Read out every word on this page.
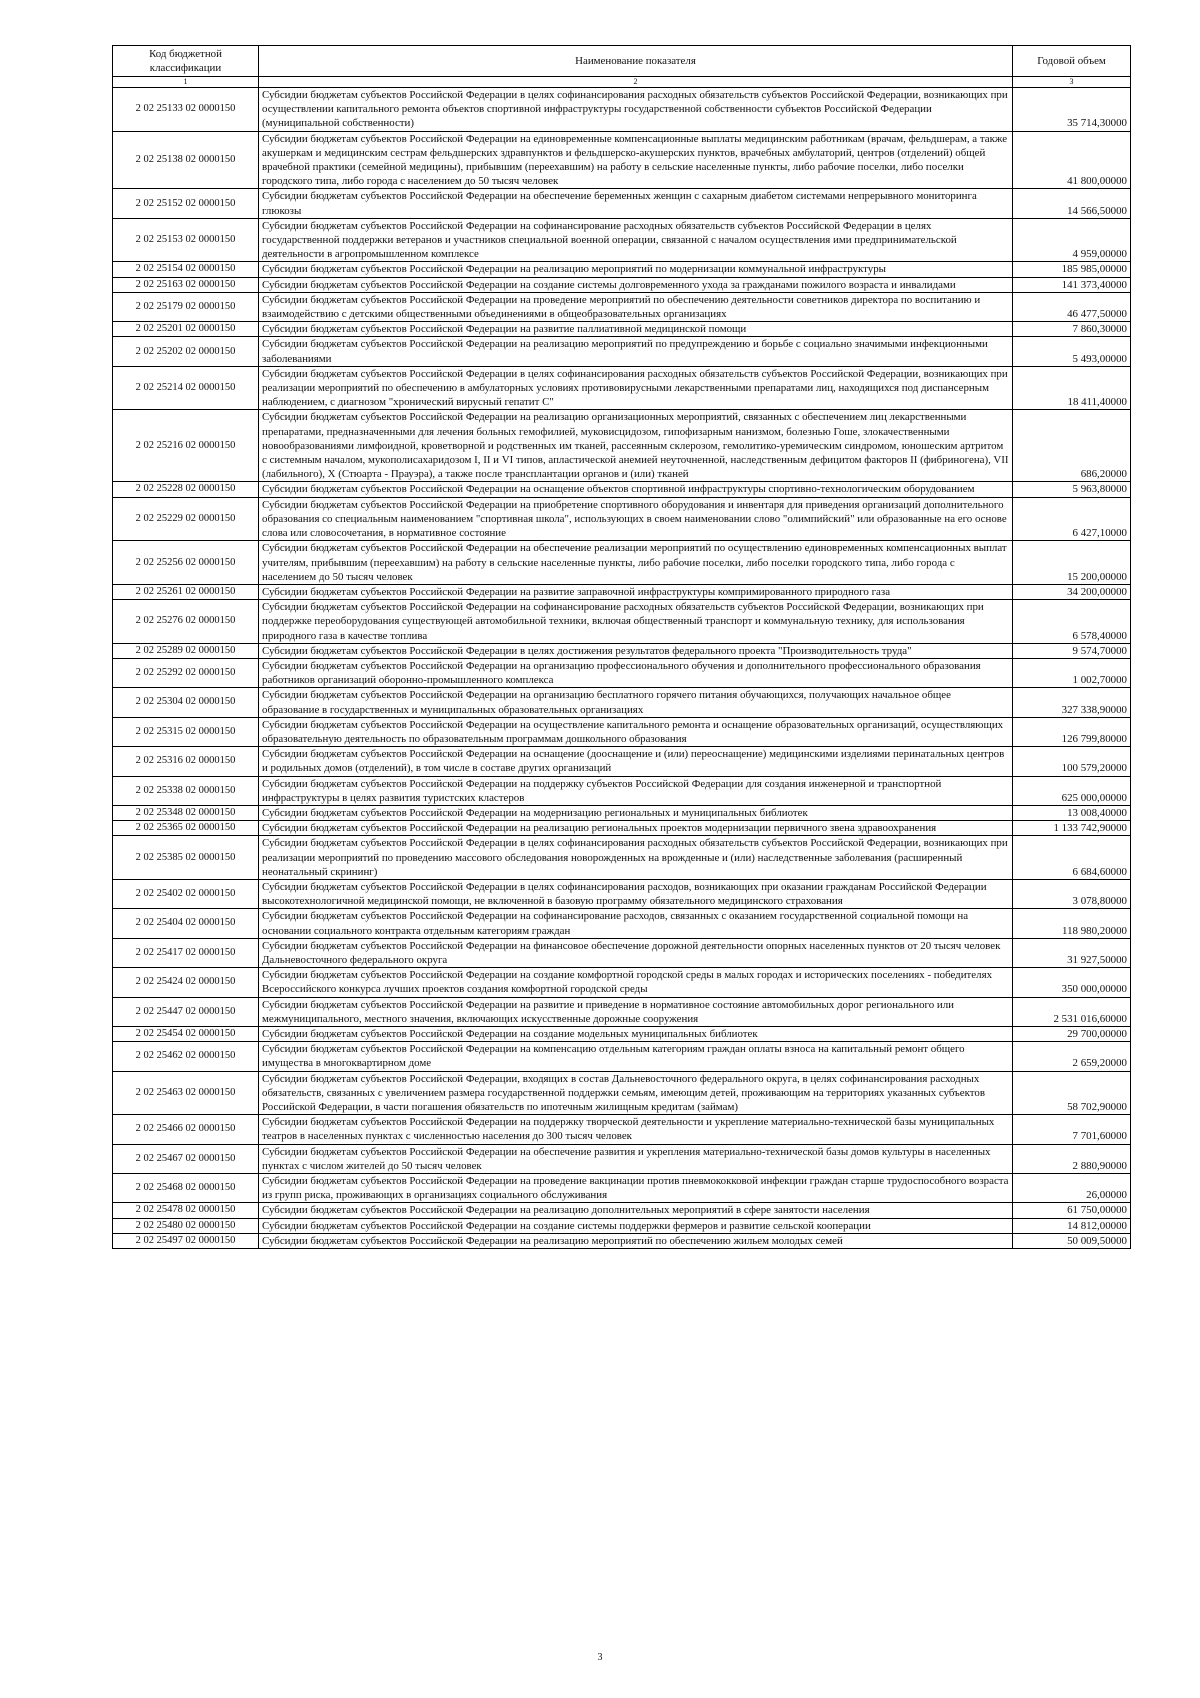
Код бюджетной классификации	Наименование показателя	Годовой объем
1	2	3
2 02 25133 02 0000150	Субсидии бюджетам субъектов Российской Федерации в целях софинансирования расходных обязательств субъектов Российской Федерации, возникающих при осуществлении капитального ремонта объектов спортивной инфраструктуры государственной собственности субъектов Российской Федерации (муниципальной собственности)	35 714,30000
2 02 25138 02 0000150	Субсидии бюджетам субъектов Российской Федерации на единовременные компенсационные выплаты медицинским работникам (врачам, фельдшерам, а также акушеркам и медицинским сестрам фельдшерских здравпунктов и фельдшерско-акушерских пунктов, врачебных амбулаторий, центров (отделений) общей врачебной практики (семейной медицины), прибывшим (переехавшим) на работу в сельские населенные пункты, либо рабочие поселки, либо поселки городского типа, либо города с населением до 50 тысяч человек	41 800,00000
2 02 25152 02 0000150	Субсидии бюджетам субъектов Российской Федерации на обеспечение беременных женщин с сахарным диабетом системами непрерывного мониторинга глюкозы	14 566,50000
2 02 25153 02 0000150	Субсидии бюджетам субъектов Российской Федерации на софинансирование расходных обязательств субъектов Российской Федерации в целях государственной поддержки ветеранов и участников специальной военной операции, связанной с началом осуществления ими предпринимательской деятельности в агропромышленном комплексе	4 959,00000
2 02 25154 02 0000150	Субсидии бюджетам субъектов Российской Федерации на реализацию мероприятий по модернизации коммунальной инфраструктуры	185 985,00000
2 02 25163 02 0000150	Субсидии бюджетам субъектов Российской Федерации на создание системы долговременного ухода за гражданами пожилого возраста и инвалидами	141 373,40000
2 02 25179 02 0000150	Субсидии бюджетам субъектов Российской Федерации на проведение мероприятий по обеспечению деятельности советников директора по воспитанию и взаимодействию с детскими общественными объединениями в общеобразовательных организациях	46 477,50000
2 02 25201 02 0000150	Субсидии бюджетам субъектов Российской Федерации на развитие паллиативной медицинской помощи	7 860,30000
2 02 25202 02 0000150	Субсидии бюджетам субъектов Российской Федерации на реализацию мероприятий по предупреждению и борьбе с социально значимыми инфекционными заболеваниями	5 493,00000
2 02 25214 02 0000150	Субсидии бюджетам субъектов Российской Федерации в целях софинансирования расходных обязательств субъектов Российской Федерации, возникающих при реализации мероприятий по обеспечению в амбулаторных условиях противовирусными лекарственными препаратами лиц, находящихся под диспансерным наблюдением, с диагнозом "хронический вирусный гепатит С"	18 411,40000
2 02 25216 02 0000150	Субсидии бюджетам субъектов Российской Федерации на реализацию организационных мероприятий, связанных с обеспечением лиц лекарственными препаратами, предназначенными для лечения больных гемофилией, муковисцидозом, гипофизарным нанизмом, болезнью Гоше, злокачественными новообразованиями лимфоидной, кроветворной и родственных им тканей, рассеянным склерозом, гемолитико-уремическим синдромом, юношеским артритом с системным началом, мукополисахаридозом I, II и VI типов, апластической анемией неуточненной, наследственным дефицитом факторов II (фибриногена), VII (лабильного), X (Стюарта - Прауэра), а также после трансплантации органов и (или) тканей	686,20000
2 02 25228 02 0000150	Субсидии бюджетам субъектов Российской Федерации на оснащение объектов спортивной инфраструктуры спортивно-технологическим оборудованием	5 963,80000
2 02 25229 02 0000150	Субсидии бюджетам субъектов Российской Федерации на приобретение спортивного оборудования и инвентаря для приведения организаций дополнительного образования со специальным наименованием "спортивная школа", использующих в своем наименовании слово "олимпийский" или образованные на его основе слова или словосочетания, в нормативное состояние	6 427,10000
2 02 25256 02 0000150	Субсидии бюджетам субъектов Российской Федерации на обеспечение реализации мероприятий по осуществлению единовременных компенсационных выплат учителям, прибывшим (переехавшим) на работу в сельские населенные пункты, либо рабочие поселки, либо поселки городского типа, либо города с населением до 50 тысяч человек	15 200,00000
2 02 25261 02 0000150	Субсидии бюджетам субъектов Российской Федерации на развитие заправочной инфраструктуры компримированного природного газа	34 200,00000
2 02 25276 02 0000150	Субсидии бюджетам субъектов Российской Федерации на софинансирование расходных обязательств субъектов Российской Федерации, возникающих при поддержке переоборудования существующей автомобильной техники, включая общественный транспорт и коммунальную технику, для использования природного газа в качестве топлива	6 578,40000
2 02 25289 02 0000150	Субсидии бюджетам субъектов Российской Федерации в целях достижения результатов федерального проекта "Производительность труда"	9 574,70000
2 02 25292 02 0000150	Субсидии бюджетам субъектов Российской Федерации на организацию профессионального обучения и дополнительного профессионального образования работников организаций оборонно-промышленного комплекса	1 002,70000
2 02 25304 02 0000150	Субсидии бюджетам субъектов Российской Федерации на организацию бесплатного горячего питания обучающихся, получающих начальное общее образование в государственных и муниципальных образовательных организациях	327 338,90000
2 02 25315 02 0000150	Субсидии бюджетам субъектов Российской Федерации на осуществление капитального ремонта и оснащение образовательных организаций, осуществляющих образовательную деятельность по образовательным программам дошкольного образования	126 799,80000
2 02 25316 02 0000150	Субсидии бюджетам субъектов Российской Федерации на оснащение (дооснащение и (или) переоснащение) медицинскими изделиями перинатальных центров и родильных домов (отделений), в том числе в составе других организаций	100 579,20000
2 02 25338 02 0000150	Субсидии бюджетам субъектов Российской Федерации на поддержку субъектов Российской Федерации для создания инженерной и транспортной инфраструктуры в целях развития туристских кластеров	625 000,00000
2 02 25348 02 0000150	Субсидии бюджетам субъектов Российской Федерации на модернизацию региональных и муниципальных библиотек	13 008,40000
2 02 25365 02 0000150	Субсидии бюджетам субъектов Российской Федерации на реализацию региональных проектов модернизации первичного звена здравоохранения	1 133 742,90000
2 02 25385 02 0000150	Субсидии бюджетам субъектов Российской Федерации в целях софинансирования расходных обязательств субъектов Российской Федерации, возникающих при реализации мероприятий по проведению массового обследования новорожденных на врожденные и (или) наследственные заболевания (расширенный неонатальный скрининг)	6 684,60000
2 02 25402 02 0000150	Субсидии бюджетам субъектов Российской Федерации в целях софинансирования расходов, возникающих при оказании гражданам Российской Федерации высокотехнологичной медицинской помощи, не включенной в базовую программу обязательного медицинского страхования	3 078,80000
2 02 25404 02 0000150	Субсидии бюджетам субъектов Российской Федерации на софинансирование расходов, связанных с оказанием государственной социальной помощи на основании социального контракта отдельным категориям граждан	118 980,20000
2 02 25417 02 0000150	Субсидии бюджетам субъектов Российской Федерации на финансовое обеспечение дорожной деятельности опорных населенных пунктов от 20 тысяч человек Дальневосточного федерального округа	31 927,50000
2 02 25424 02 0000150	Субсидии бюджетам субъектов Российской Федерации на создание комфортной городской среды в малых городах и исторических поселениях - победителях Всероссийского конкурса лучших проектов создания комфортной городской среды	350 000,00000
2 02 25447 02 0000150	Субсидии бюджетам субъектов Российской Федерации на развитие и приведение в нормативное состояние автомобильных дорог регионального или межмуниципального, местного значения, включающих искусственные дорожные сооружения	2 531 016,60000
2 02 25454 02 0000150	Субсидии бюджетам субъектов Российской Федерации на создание модельных муниципальных библиотек	29 700,00000
2 02 25462 02 0000150	Субсидии бюджетам субъектов Российской Федерации на компенсацию отдельным категориям граждан оплаты взноса на капитальный ремонт общего имущества в многоквартирном доме	2 659,20000
2 02 25463 02 0000150	Субсидии бюджетам субъектов Российской Федерации, входящих в состав Дальневосточного федерального округа, в целях софинансирования расходных обязательств, связанных с увеличением размера государственной поддержки семьям, имеющим детей, проживающим на территориях указанных субъектов Российской Федерации, в части погашения обязательств по ипотечным жилищным кредитам (займам)	58 702,90000
2 02 25466 02 0000150	Субсидии бюджетам субъектов Российской Федерации на поддержку творческой деятельности и укрепление материально-технической базы муниципальных театров в населенных пунктах с численностью населения до 300 тысяч человек	7 701,60000
2 02 25467 02 0000150	Субсидии бюджетам субъектов Российской Федерации на обеспечение развития и укрепления материально-технической базы домов культуры в населенных пунктах с числом жителей до 50 тысяч человек	2 880,90000
2 02 25468 02 0000150	Субсидии бюджетам субъектов Российской Федерации на проведение вакцинации против пневмококковой инфекции граждан старше трудоспособного возраста из групп риска, проживающих в организациях социального обслуживания	26,00000
2 02 25478 02 0000150	Субсидии бюджетам субъектов Российской Федерации на реализацию дополнительных мероприятий в сфере занятости населения	61 750,00000
2 02 25480 02 0000150	Субсидии бюджетам субъектов Российской Федерации на создание системы поддержки фермеров и развитие сельской кооперации	14 812,00000
2 02 25497 02 0000150	Субсидии бюджетам субъектов Российской Федерации на реализацию мероприятий по обеспечению жильем молодых семей	50 009,50000
3
